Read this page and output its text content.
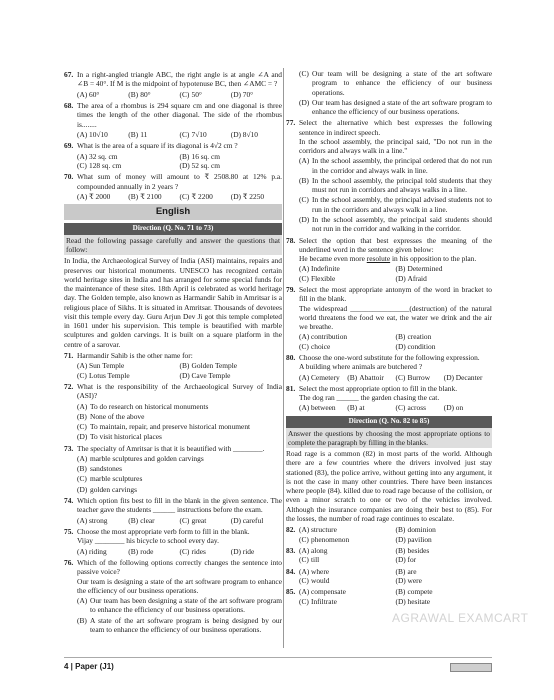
67. In a right-angled triangle ABC, the right angle is at angle ∠A and ∠B = 40°. If M is the midpoint of hypotenuse BC, then ∠AMC = ?
(A) 60°	(B) 80°	(C) 50°	(D) 70°
68. The area of a rhombus is 294 square cm and one diagonal is three times the length of the other diagonal. The side of the rhombus is........
(A) 10√10	(B) 11	(C) 7√10	(D) 8√10
69. What is the area of a square if its diagonal is 4√2 cm ?
(A) 32 sq. cm	(B) 16 sq. cm
(C) 128 sq. cm	(D) 52 sq. cm
70. What sum of money will amount to ₹ 2508.80 at 12% p.a. compounded annually in 2 years ?
(A) ₹ 2000 (B) ₹ 2100 (C) ₹ 2200 (D) ₹ 2250
English
Direction (Q. No. 71 to 73)
Read the following passage carefully and answer the questions that follow:
In India, the Archaeological Survey of India (ASI) maintains, repairs and preserves our historical monuments. UNESCO has recognized certain world heritage sites in India and has arranged for some special funds for the maintenance of these sites. 18th April is celebrated as world heritage day. The Golden temple, also known as Harmandir Sahib in Amritsar is a religious place of Sikhs. It is situated in Amritsar. Thousands of devotees visit this temple every day. Guru Arjun Dev Ji got this temple completed in 1601 under his supervision. This temple is beautified with marble sculptures and golden carvings. It is built on a square platform in the centre of a sarovar.
71. Harmandir Sahib is the other name for:
(A) Sun Temple	(B) Golden Temple
(C) Lotus Temple	(D) Cave Temple
72. What is the responsibility of the Archaeological Survey of India (ASI)?
(A) To do research on historical monuments
(B) None of the above
(C) To maintain, repair, and preserve historical monument
(D) To visit historical places
73. The specialty of Amritsar is that it is beautified with ________.
(A) marble sculptures and golden carvings
(B) sandstones
(C) marble sculptures
(D) golden carvings
74. Which option fits best to fill in the blank in the given sentence. The teacher gave the students ______ instructions before the exam.
(A) strong	(B) clear	(C) great	(D) careful
75. Choose the most appropriate verb form to fill in the blank.
Vijay ________ his bicycle to school every day.
(A) riding	(B) rode	(C) rides	(D) ride
76. Which of the following options correctly changes the sentence into passive voice?
Our team is designing a state of the art software program to enhance the efficiency of our business operations.
(A) Our team has been designing a state of the art software program to enhance the efficiency of our business operations.
(B) A state of the art software program is being designed by our team to enhance the efficiency of our business operations.
(C) Our team will be designing a state of the art software program to enhance the efficiency of our business operations.
(D) Our team has designed a state of the art software program to enhance the efficiency of our business operations.
77. Select the alternative which best expresses the following sentence in indirect speech.
In the school assembly, the principal said, "Do not run in the corridors and always walk in a line."
(A) In the school assembly, the principal ordered that do not run in the corridor and always walk in line.
(B) In the school assembly, the principal told students that they must not run in corridors and always walks in a line.
(C) In the school assembly, the principal advised students not to run in the corridors and always walk in a line.
(D) In the school assembly, the principal said students should not run in the corridor and walking in the corridor.
78. Select the option that best expresses the meaning of the underlined word in the sentence given below:
He became even more resolute in his opposition to the plan.
(A) Indefinite	(B) Determined
(C) Flexible	(D) Afraid
79. Select the most appropriate antonym of the word in bracket to fill in the blank.
The widespread ________________(destruction) of the natural world threatens the food we eat, the water we drink and the air we breathe.
(A) contribution	(B) creation
(C) choice	(D) condition
80. Choose the one-word substitute for the following expression.
A building where animals are butchered ?
(A) Cemetery (B) Abattoir (C) Burrow (D) Decanter
81. Select the most appropriate option to fill in the blank.
The dog ran ______ the garden chasing the cat.
(A) between (B) at	(C) across (D) on
Direction (Q. No. 82 to 85)
Answer the questions by choosing the most appropriate options to complete the paragraph by filling in the blanks.
Road rage is a common (82) in most parts of the world. Although there are a few countries where the drivers involved just stay stationed (83), the police arrive, without getting into any argument, it is not the case in many other countries. There have been instances where people (84). killed due to road rage because of the collision, or even a minor scratch to one or two of the vehicles involved. Although the insurance companies are doing their best to (85). For the losses, the number of road rage continues to escalate.
82. (A) structure	(B) dominion
(C) phenomenon	(D) pavilion
83. (A) along	(B) besides
(C) till	(D) for
84. (A) where	(B) are
(C) would	(D) were
85. (A) compensate	(B) compete
(C) Infiltrate	(D) hesitate
AGRAWAL EXAMCART
4 | Paper (J1)
